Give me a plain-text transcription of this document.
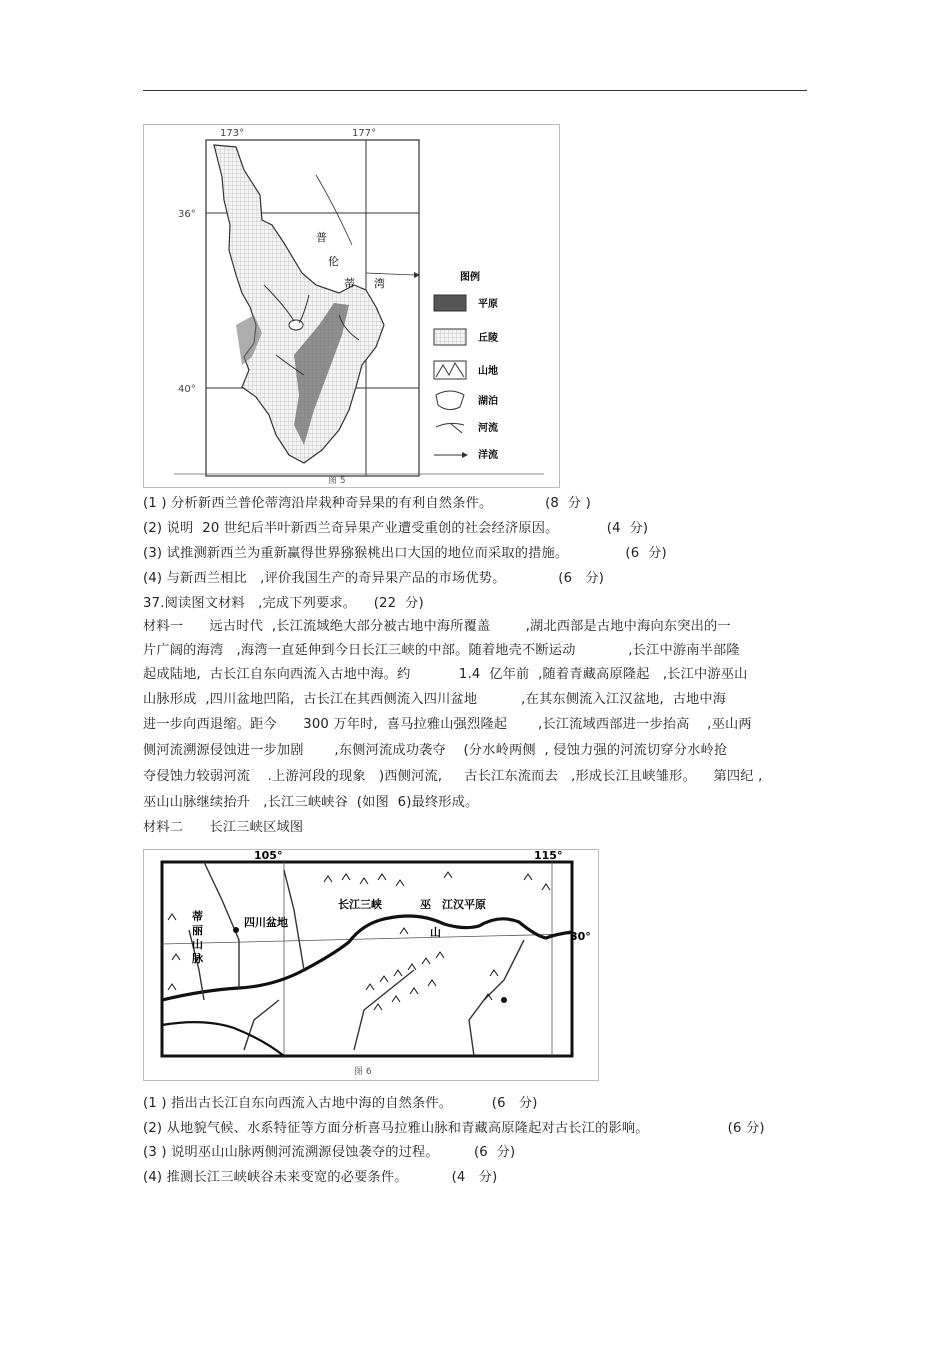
173°	177°
36°
40°
普
伦
蒂 湾	图例
平原
丘陵
山地
湖泊
河流
洋流
图 5
(1 ) 分析新西兰普伦蒂湾沿岸栽种奇异果的有利自然条件。            (8  分 )
(2) 说明  20 世纪后半叶新西兰奇异果产业遭受重创的社会经济原因。           (4  分)
(3) 试推测新西兰为重新赢得世界猕猴桃出口大国的地位而采取的措施。             (6  分)
(4) 与新西兰相比   ,评价我国生产的奇异果产品的市场优势。            (6   分)
37.阅读图文材料   ,完成下列要求。    (22  分)
材料一      远古时代  ,长江流域绝大部分被古地中海所覆盖        ,湖北西部是古地中海向东突出的一
片广阔的海湾   ,海湾一直延伸到今日长江三峡的中部。随着地壳不断运动            ,长江中游南半部隆
起成陆地,  古长江自东向西流入古地中海。约           1.4  亿年前  ,随着青藏高原隆起   ,长江中游巫山
山脉形成  ,四川盆地凹陷,  古长江在其西侧流入四川盆地          ,在其东侧流入江汉盆地,  古地中海
进一步向西退缩。距今      300 万年时,  喜马拉雅山强烈隆起       ,长江流域西部进一步抬高    ,巫山两
侧河流溯源侵蚀进一步加剧       ,东侧河流成功袭夺    (分水岭两侧  , 侵蚀力强的河流切穿分水岭抢
夺侵蚀力较弱河流    .上游河段的现象   )西侧河流,     古长江东流而去   ,形成长江且峡雏形。    第四纪 ,
巫山山脉继续抬升   ,长江三峡峡谷  (如图  6)最终形成。
材料二      长江三峡区域图
105°	115°
30°
四川盆地
长江三峡	江汉平原
巫
山
蒂
丽
山
脉
图 6
(1 ) 指出古长江自东向西流入古地中海的自然条件。         (6   分)
(2) 从地貌气候、水系特征等方面分析喜马拉雅山脉和青藏高原隆起对古长江的影响。                  (6 分)
(3 ) 说明巫山山脉两侧河流溯源侵蚀袭夺的过程。        (6  分)
(4) 推测长江三峡峡谷未来变宽的必要条件。          (4   分)
